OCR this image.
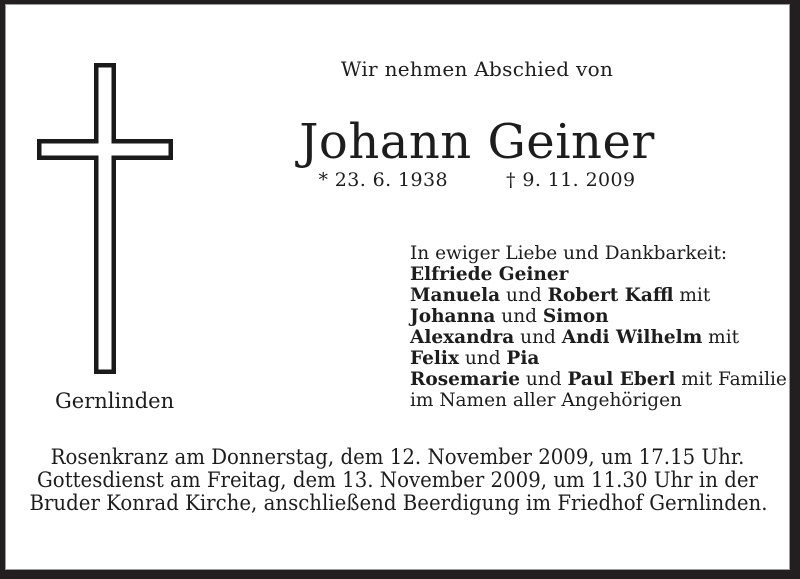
Gernlinden
Wir nehmen Abschied von
Johann Geiner
* 23. 6. 1938	† 9. 11. 2009
In ewiger Liebe und Dankbarkeit:
Elfriede Geiner
Manuela und Robert Kaffl mit
Johanna und Simon
Alexandra und Andi Wilhelm mit
Felix und Pia
Rosemarie und Paul Eberl mit Familie
im Namen aller Angehörigen
Rosenkranz am Donnerstag, dem 12. November 2009, um 17.15 Uhr.
Gottesdienst am Freitag, dem 13. November 2009, um 11.30 Uhr in der
Bruder Konrad Kirche, anschließend Beerdigung im Friedhof Gernlinden.
